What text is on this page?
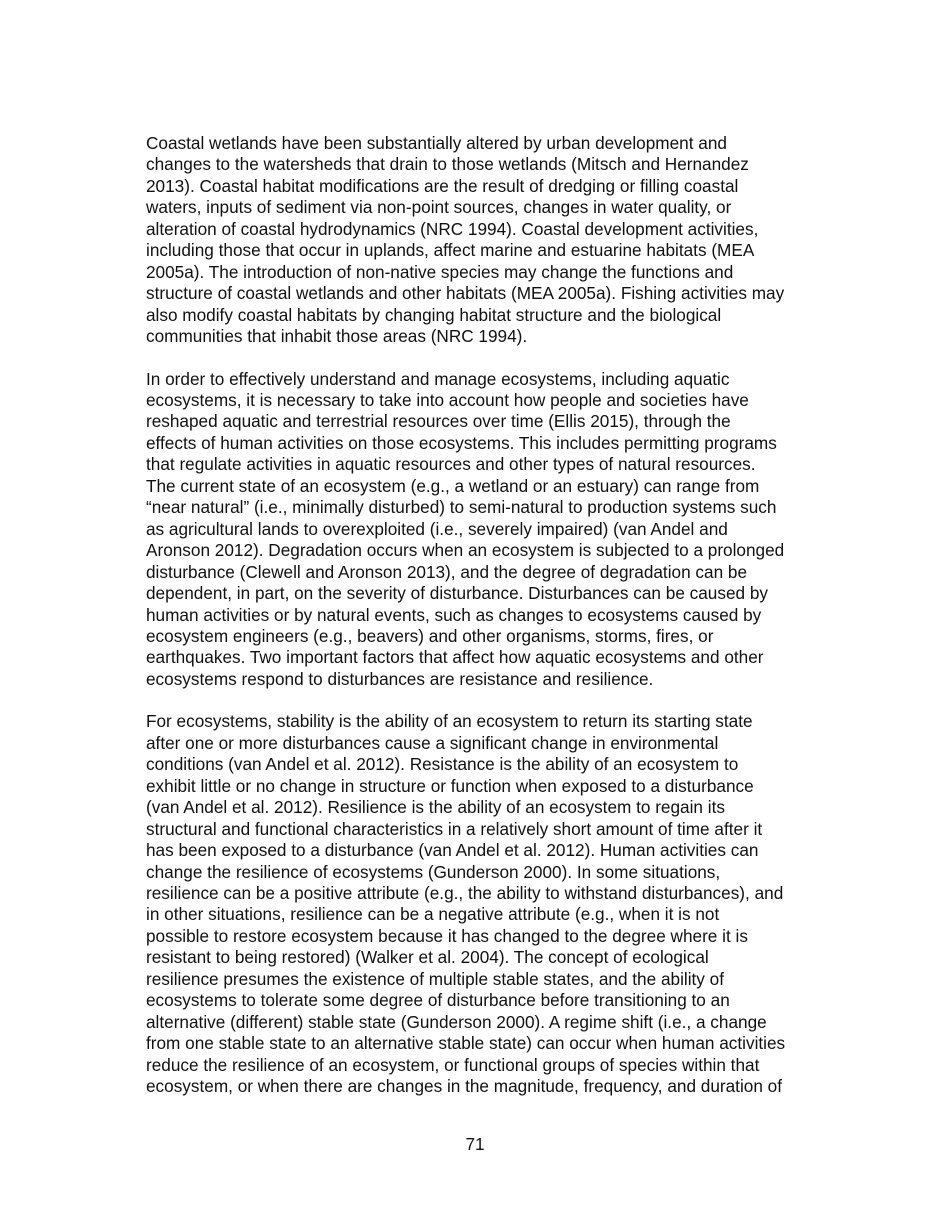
Coastal wetlands have been substantially altered by urban development and
changes to the watersheds that drain to those wetlands (Mitsch and Hernandez
2013). Coastal habitat modifications are the result of dredging or filling coastal
waters, inputs of sediment via non-point sources, changes in water quality, or
alteration of coastal hydrodynamics (NRC 1994). Coastal development activities,
including those that occur in uplands, affect marine and estuarine habitats (MEA
2005a). The introduction of non-native species may change the functions and
structure of coastal wetlands and other habitats (MEA 2005a). Fishing activities may
also modify coastal habitats by changing habitat structure and the biological
communities that inhabit those areas (NRC 1994).

In order to effectively understand and manage ecosystems, including aquatic
ecosystems, it is necessary to take into account how people and societies have
reshaped aquatic and terrestrial resources over time (Ellis 2015), through the
effects of human activities on those ecosystems. This includes permitting programs
that regulate activities in aquatic resources and other types of natural resources.
The current state of an ecosystem (e.g., a wetland or an estuary) can range from
“near natural” (i.e., minimally disturbed) to semi-natural to production systems such
as agricultural lands to overexploited (i.e., severely impaired) (van Andel and
Aronson 2012). Degradation occurs when an ecosystem is subjected to a prolonged
disturbance (Clewell and Aronson 2013), and the degree of degradation can be
dependent, in part, on the severity of disturbance. Disturbances can be caused by
human activities or by natural events, such as changes to ecosystems caused by
ecosystem engineers (e.g., beavers) and other organisms, storms, fires, or
earthquakes. Two important factors that affect how aquatic ecosystems and other
ecosystems respond to disturbances are resistance and resilience.

For ecosystems, stability is the ability of an ecosystem to return its starting state
after one or more disturbances cause a significant change in environmental
conditions (van Andel et al. 2012). Resistance is the ability of an ecosystem to
exhibit little or no change in structure or function when exposed to a disturbance
(van Andel et al. 2012). Resilience is the ability of an ecosystem to regain its
structural and functional characteristics in a relatively short amount of time after it
has been exposed to a disturbance (van Andel et al. 2012). Human activities can
change the resilience of ecosystems (Gunderson 2000). In some situations,
resilience can be a positive attribute (e.g., the ability to withstand disturbances), and
in other situations, resilience can be a negative attribute (e.g., when it is not
possible to restore ecosystem because it has changed to the degree where it is
resistant to being restored) (Walker et al. 2004). The concept of ecological
resilience presumes the existence of multiple stable states, and the ability of
ecosystems to tolerate some degree of disturbance before transitioning to an
alternative (different) stable state (Gunderson 2000). A regime shift (i.e., a change
from one stable state to an alternative stable state) can occur when human activities
reduce the resilience of an ecosystem, or functional groups of species within that
ecosystem, or when there are changes in the magnitude, frequency, and duration of

71
